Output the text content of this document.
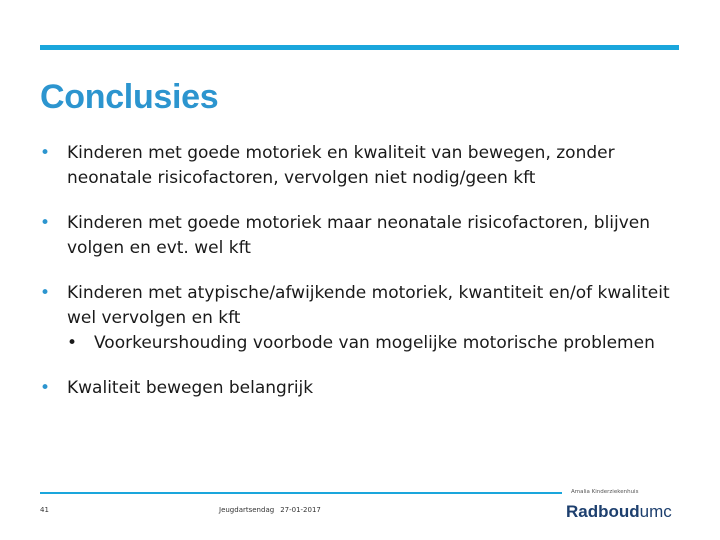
Conclusies
• Kinderen met goede motoriek en kwaliteit van bewegen, zonder neonatale risicofactoren, vervolgen niet nodig/geen kft
• Kinderen met goede motoriek maar neonatale risicofactoren, blijven volgen en evt. wel kft
• Kinderen met atypische/afwijkende motoriek, kwantiteit en/of kwaliteit wel vervolgen en kft
• Voorkeurshouding voorbode van mogelijke motorische problemen
• Kwaliteit bewegen belangrijk
41	Jeugdartsendag 27-01-2017
Amalia Kinderziekenhuis
Radboudumc
